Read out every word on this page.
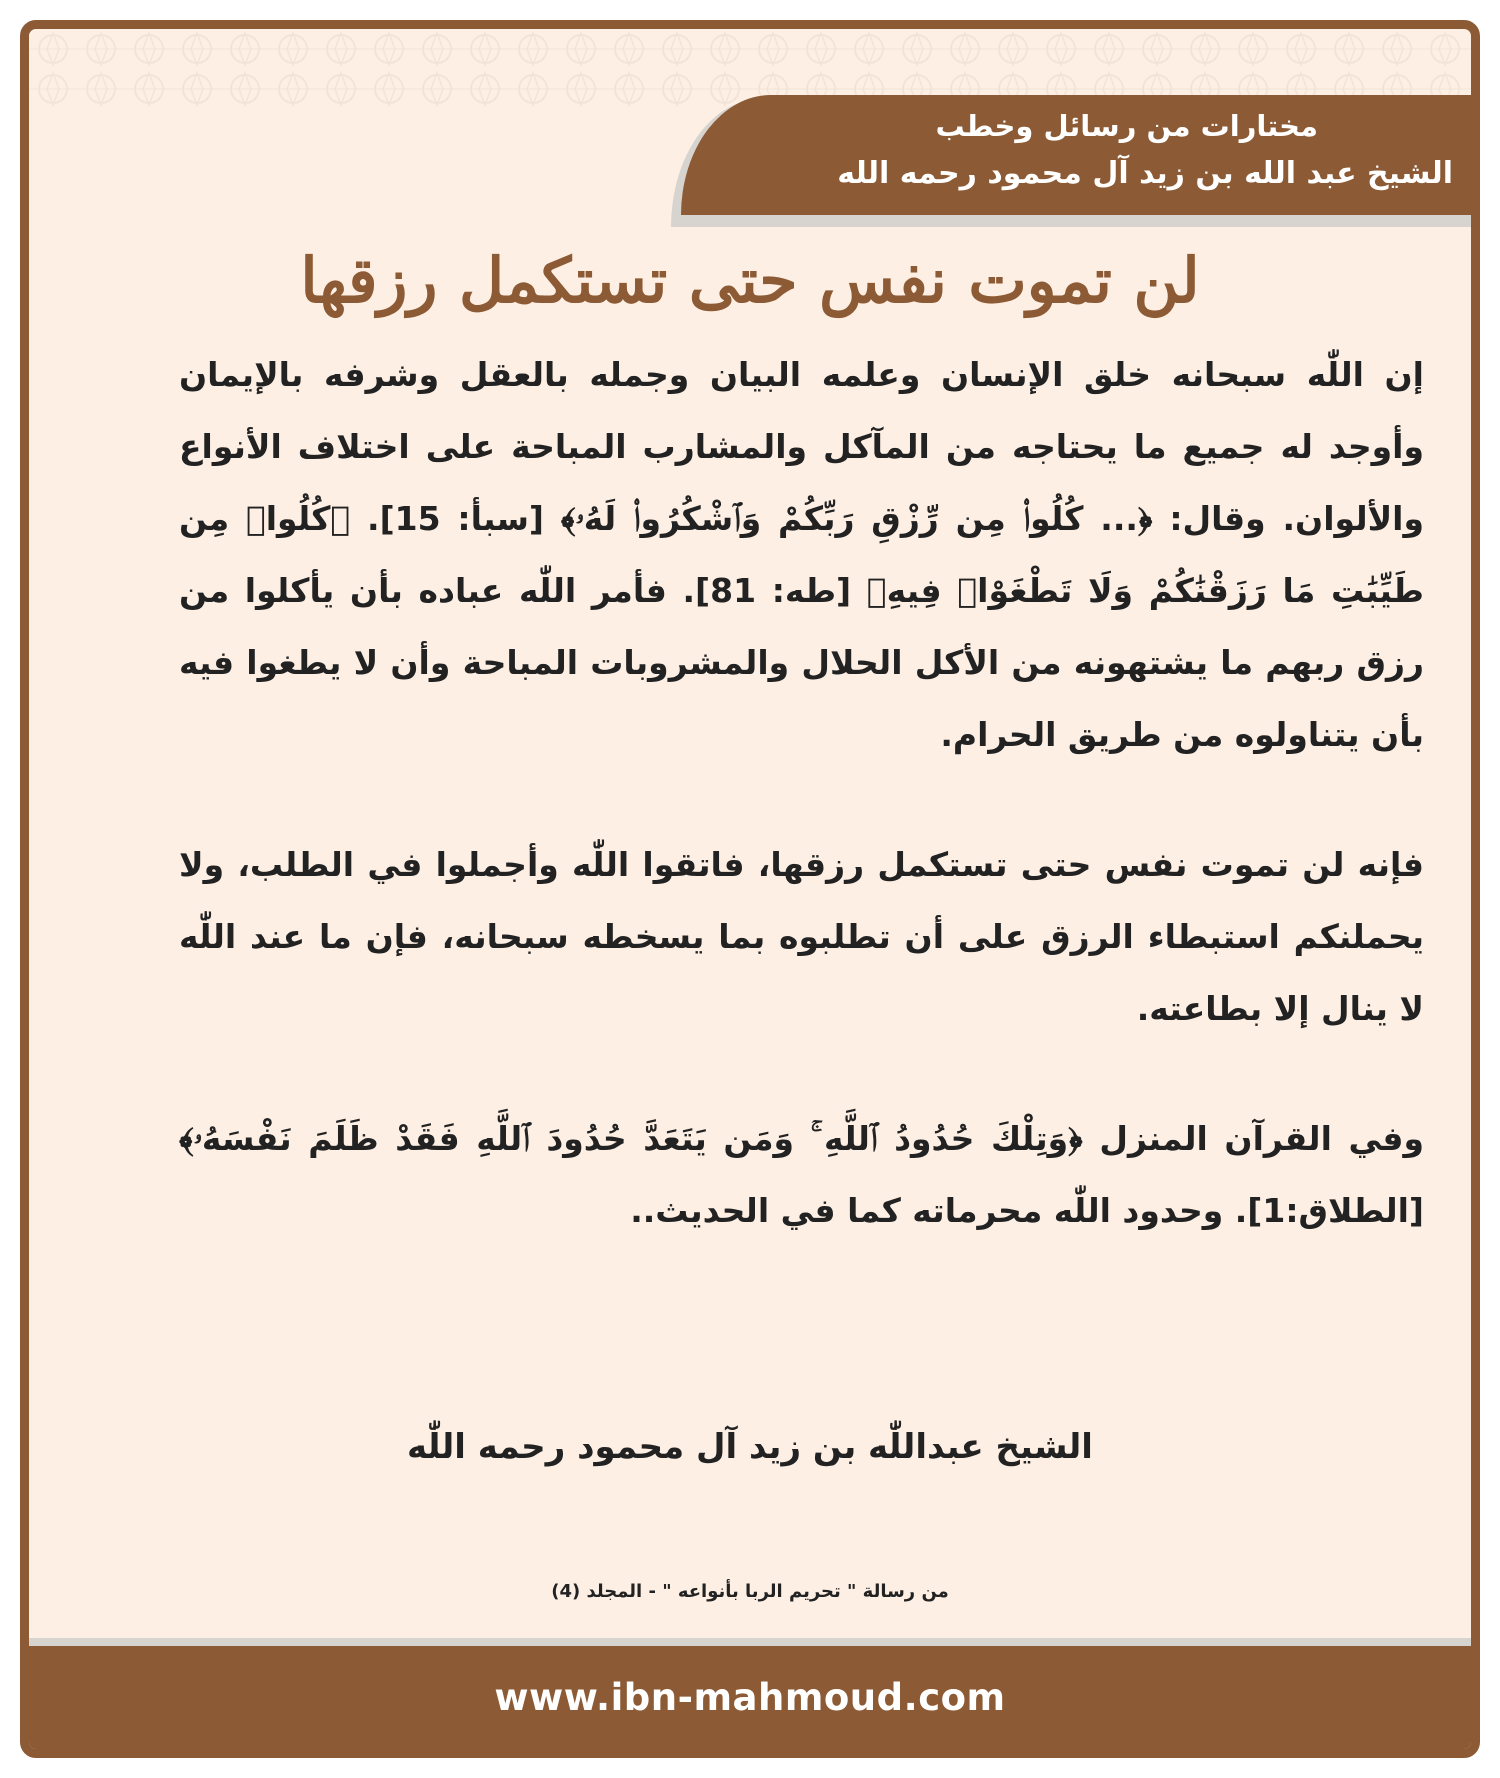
مختارات من رسائل وخطب
الشيخ عبد الله بن زيد آل محمود رحمه الله
لن تموت نفس حتى تستكمل رزقها

إن اللّٰه سبحانه خلق الإنسان وعلمه البيان وجمله بالعقل وشرفه بالإيمان وأوجد له جميع ما يحتاجه من المآكل والمشارب المباحة على اختلاف الأنواع والألوان. وقال: ﴿... كُلُوا۟ مِن رِّزْقِ رَبِّكُمْ وَٱشْكُرُوا۟ لَهُۥ﴾ [سبأ: 15]. ﴿كُلُوا۟ مِن طَيِّبَٰتِ مَا رَزَقْنَٰكُمْ وَلَا تَطْغَوْا۟ فِيهِ﴾ [طه: 81]. فأمر اللّٰه عباده بأن يأكلوا من رزق ربهم ما يشتهونه من الأكل الحلال والمشروبات المباحة وأن لا يطغوا فيه بأن يتناولوه من طريق الحرام.

فإنه لن تموت نفس حتى تستكمل رزقها، فاتقوا اللّٰه وأجملوا في الطلب، ولا يحملنكم استبطاء الرزق على أن تطلبوه بما يسخطه سبحانه، فإن ما عند اللّٰه لا ينال إلا بطاعته.

وفي القرآن المنزل ﴿وَتِلْكَ حُدُودُ ٱللَّهِ ۚ وَمَن يَتَعَدَّ حُدُودَ ٱللَّهِ فَقَدْ ظَلَمَ نَفْسَهُۥ﴾[الطلاق:1]. وحدود اللّٰه محرماته كما في الحديث..

الشيخ عبداللّٰه بن زيد آل محمود رحمه اللّٰه
من رسالة " تحريم الربا بأنواعه " - المجلد (4)
www.ibn-mahmoud.com
